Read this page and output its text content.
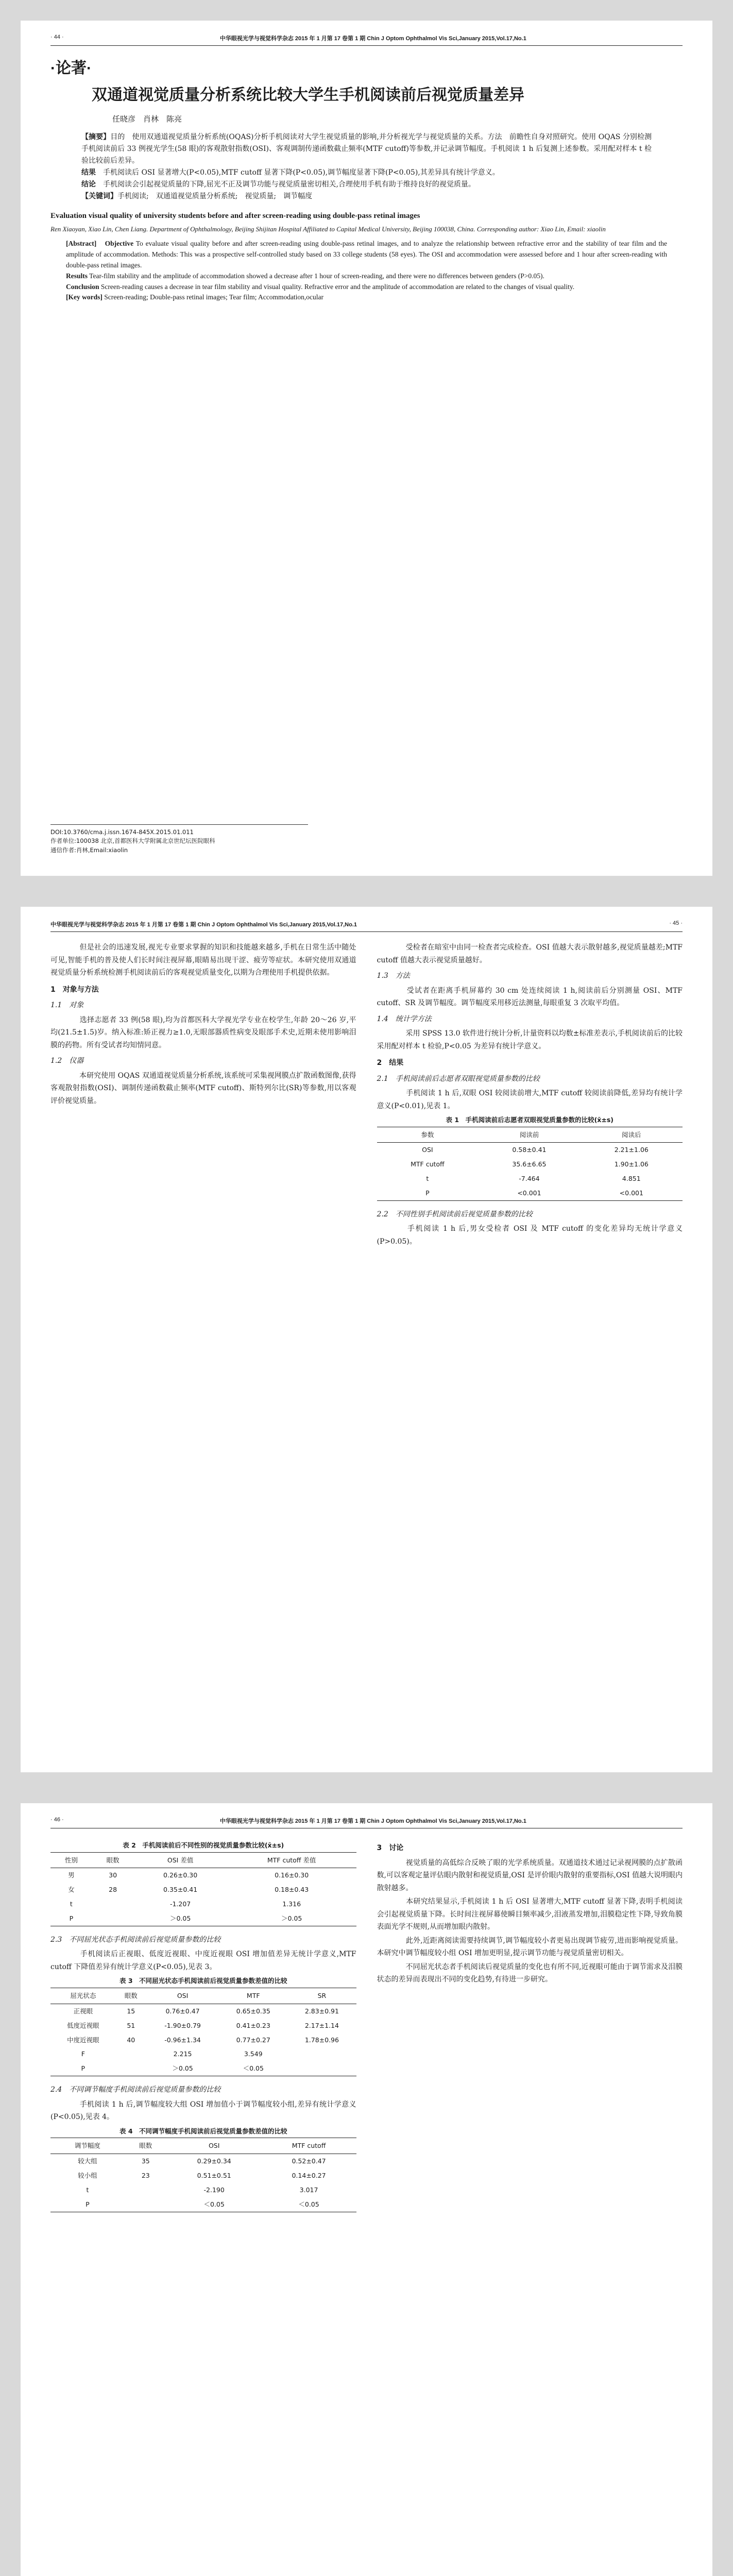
· 44 ·	中华眼视光学与视觉科学杂志 2015 年 1 月第 17 卷第 1 期 Chin J Optom Ophthalmol Vis Sci,January 2015,Vol.17,No.1
·论著·
双通道视觉质量分析系统比较大学生手机阅读前后视觉质量差异
任晓彦　肖林　陈亮
【摘要】目的　使用双通道视觉质量分析系统(OQAS)分析手机阅读对大学生视觉质量的影响,并分析视光学与视觉质量的关系。方法　前瞻性自身对照研究。使用 OQAS 分别检测手机阅读前后 33 例视光学生(58 眼)的客观散射指数(OSI)、客观调制传递函数截止频率(MTF cutoff)等参数,并记录调节幅度。手机阅读 1 h 后复测上述参数。采用配对样本 t 检验比较前后差异。
结果　 手机阅读后 OSI 显著增大(P<0.05),MTF cutoff 显著下降(P<0.05),调节幅度显著下降(P<0.05),其差异具有统计学意义。
结论　 手机阅读会引起视觉质量的下降,屈光不正及调节功能与视觉质量密切相关,合理使用手机有助于维持良好的视觉质量。
【关键词】手机阅读;　双通道视觉质量分析系统;　视觉质量;　调节幅度
Evaluation visual quality of university students before and after screen-reading using double-pass retinal images
Ren Xiaoyan, Xiao Lin, Chen Liang. Department of Ophthalmology, Beijing Shijitan Hospital Affiliated to Capital Medical University, Beijing 100038, China. Corresponding author: Xiao Lin, Email: xiaolin
[Abstract]　Objective To evaluate visual quality before and after screen-reading using double-pass retinal images, and to analyze the relationship between refractive error and the stability of tear film and the amplitude of accommodation. Methods: This was a prospective self-controlled study based on 33 college students (58 eyes). The OSI and accommodation were assessed before and 1 hour after screen-reading with double-pass retinal images.
Results Tear-film stability and the amplitude of accommodation showed a decrease after 1 hour of screen-reading, and there were no differences between genders (P>0.05).
Conclusion Screen-reading causes a decrease in tear film stability and visual quality. Refractive error and the amplitude of accommodation are related to the changes of visual quality.
[Key words] Screen-reading; Double-pass retinal images; Tear film; Accommodation,ocular
DOI:10.3760/cma.j.issn.1674-845X.2015.01.011
作者单位:100038 北京,首都医科大学附属北京世纪坛医院眼科
通信作者:肖林,Email:xiaolin
中华眼视光学与视觉科学杂志 2015 年 1 月第 17 卷第 1 期 Chin J Optom Ophthalmol Vis Sci,January 2015,Vol.17,No.1	· 45 ·

　　但是社会的迅速发展,视光专业要求掌握的知识和技能越来越多,手机在日常生活中随处可见,智能手机的普及使人们长时间注视屏幕,眼睛易出现干涩、疲劳等症状。本研究使用双通道视觉质量分析系统检测手机阅读前后的客观视觉质量变化,以期为合理使用手机提供依据。

1　对象与方法
1.1　对象

　　选择志愿者 33 例(58 眼),均为首都医科大学视光学专业在校学生,年龄 20～26 岁,平均(21.5±1.5)岁。纳入标准:矫正视力≥1.0,无眼部器质性病变及眼部手术史,近期未使用影响泪膜的药物。所有受试者均知情同意。

1.2　仪器

　　本研究使用 OQAS 双通道视觉质量分析系统,该系统可采集视网膜点扩散函数图像,获得客观散射指数(OSI)、调制传递函数截止频率(MTF cutoff)、斯特列尔比(SR)等参数,用以客观评价视觉质量。

　　受检者在暗室中由同一检查者完成检查。OSI 值越大表示散射越多,视觉质量越差;MTF cutoff 值越大表示视觉质量越好。

1.3　方法

　　受试者在距离手机屏幕约 30 cm 处连续阅读 1 h,阅读前后分别测量 OSI、MTF cutoff、SR 及调节幅度。调节幅度采用移近法测量,每眼重复 3 次取平均值。

1.4　统计学方法

　　采用 SPSS 13.0 软件进行统计分析,计量资料以均数±标准差表示,手机阅读前后的比较采用配对样本 t 检验,P<0.05 为差异有统计学意义。

2　结果
2.1　手机阅读前后志愿者双眼视觉质量参数的比较

　　手机阅读 1 h 后,双眼 OSI 较阅读前增大,MTF cutoff 较阅读前降低,差异均有统计学意义(P<0.01),见表 1。

表 1　手机阅读前后志愿者双眼视觉质量参数的比较(x̄±s)
参数	阅读前	阅读后
OSI	0.58±0.41	2.21±1.06
MTF cutoff	35.6±6.65	1.90±1.06
t	-7.464	4.851
P	<0.001	<0.001
2.2　不同性别手机阅读前后视觉质量参数的比较

　　手机阅读 1 h 后,男女受检者 OSI 及 MTF cutoff 的变化差异均无统计学意义(P>0.05)。

· 46 ·	中华眼视光学与视觉科学杂志 2015 年 1 月第 17 卷第 1 期 Chin J Optom Ophthalmol Vis Sci,January 2015,Vol.17,No.1
表 2　手机阅读前后不同性别的视觉质量参数比较(x̄±s)
性别	眼数	OSI 差值	MTF cutoff 差值
男	30	0.26±0.30	0.16±0.30
女	28	0.35±0.41	0.18±0.43
t		-1.207	1.316
P		＞0.05	＞0.05
2.3　不同屈光状态手机阅读前后视觉质量参数的比较

　　手机阅读后正视眼、低度近视眼、中度近视眼 OSI 增加值差异无统计学意义,MTF cutoff 下降值差异有统计学意义(P<0.05),见表 3。

表 3　不同屈光状态手机阅读前后视觉质量参数差值的比较
屈光状态	眼数	OSI	MTF	SR
正视眼	15	0.76±0.47	0.65±0.35	2.83±0.91
低度近视眼	51	-1.90±0.79	0.41±0.23	2.17±1.14
中度近视眼	40	-0.96±1.34	0.77±0.27	1.78±0.96
F		2.215	3.549	
P		＞0.05	＜0.05	
2.4　不同调节幅度手机阅读前后视觉质量参数的比较

　　手机阅读 1 h 后,调节幅度较大组 OSI 增加值小于调节幅度较小组,差异有统计学意义(P<0.05),见表 4。

表 4　不同调节幅度手机阅读前后视觉质量参数差值的比较
调节幅度	眼数	OSI	MTF cutoff
较大组	35	0.29±0.34	0.52±0.47
较小组	23	0.51±0.51	0.14±0.27
t		-2.190	3.017
P		＜0.05	＜0.05
3　讨论

　　视觉质量的高低综合反映了眼的光学系统质量。双通道技术通过记录视网膜的点扩散函数,可以客观定量评估眼内散射和视觉质量,OSI 是评价眼内散射的重要指标,OSI 值越大说明眼内散射越多。

　　本研究结果显示,手机阅读 1 h 后 OSI 显著增大,MTF cutoff 显著下降,表明手机阅读会引起视觉质量下降。长时间注视屏幕使瞬目频率减少,泪液蒸发增加,泪膜稳定性下降,导致角膜表面光学不规则,从而增加眼内散射。

　　此外,近距离阅读需要持续调节,调节幅度较小者更易出现调节疲劳,进而影响视觉质量。本研究中调节幅度较小组 OSI 增加更明显,提示调节功能与视觉质量密切相关。

　　不同屈光状态者手机阅读后视觉质量的变化也有所不同,近视眼可能由于调节需求及泪膜状态的差异而表现出不同的变化趋势,有待进一步研究。
